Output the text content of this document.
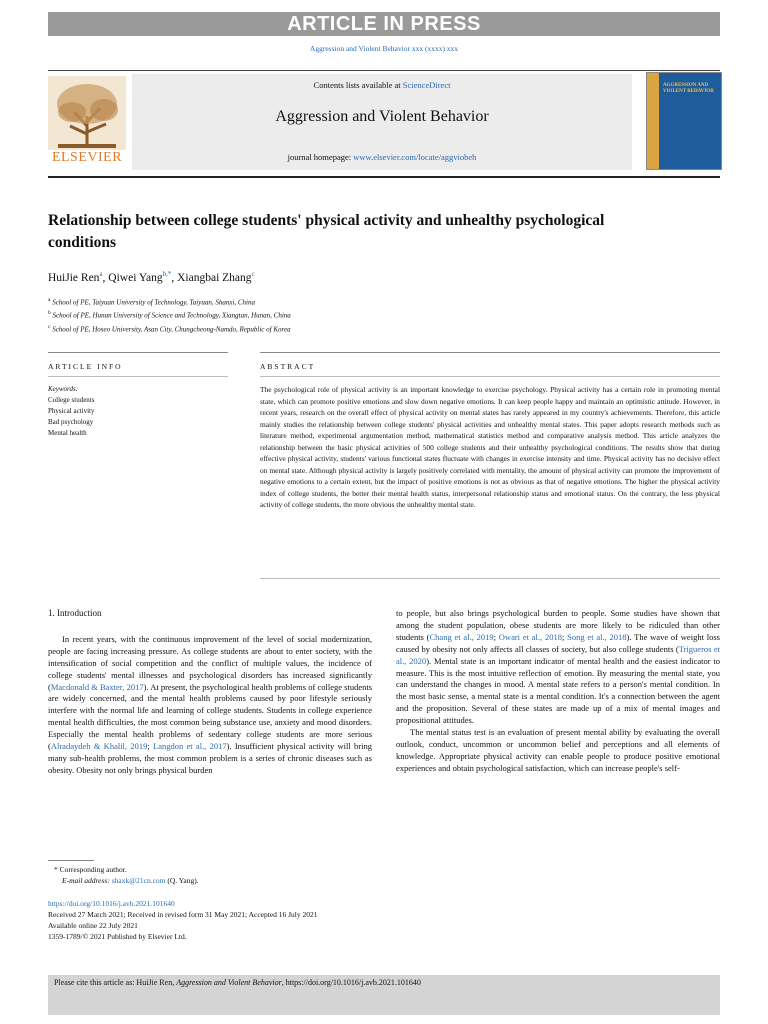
ARTICLE IN PRESS
Aggression and Violent Behavior xxx (xxxx) xxx
ELSEVIER
Contents lists available at ScienceDirect
Aggression and Violent Behavior
journal homepage: www.elsevier.com/locate/aggviobeh
AGGRESSION AND VIOLENT BEHAVIOR
Relationship between college students' physical activity and unhealthy psychological conditions
HuiJie Ren$^a$, Qiwei Yang$^{b,*}$, Xiangbai Zhang$^c$
$^a$ School of PE, Taiyuan University of Technology, Taiyuan, Shanxi, China
$^b$ School of PE, Hunan University of Science and Technology, Xiangtan, Hunan, China
$^c$ School of PE, Hoseo University, Asan City, Chungcheong-Namdo, Republic of Korea
ARTICLE INFO	ABSTRACT
Keywords:
College students
Physical activity
Bad psychology
Mental health
The psychological role of physical activity is an important knowledge to exercise psychology. Physical activity has a certain role in promoting mental state, which can promote positive emotions and slow down negative emotions. It can keep people happy and maintain an optimistic attitude. However, in recent years, research on the overall effect of physical activity on mental states has rarely appeared in my country's achievements. Therefore, this article mainly studies the relationship between college students' physical activities and unhealthy mental states. This paper adopts research methods such as literature method, experimental argumentation method, mathematical statistics method and comparative analysis method. This article analyzes the relationship between the basic physical activities of 500 college students and their unhealthy psychological conditions. The results show that during effective physical activity, students' various functional states fluctuate with changes in exercise intensity and time. Physical activity has no decisive effect on mental state. Although physical activity is largely positively correlated with mentality, the amount of physical activity can promote the improvement of negative emotions to a certain extent, but the impact of positive emotions is not as obvious as that of negative emotions. The higher the physical activity index of college students, the better their mental health status, interpersonal relationship status and emotional status. On the contrary, the less physical activity of college students, the more obvious the unhealthy mental state.
1. Introduction

In recent years, with the continuous improvement of the level of social modernization, people are facing increasing pressure. As college students are about to enter society, with the intensification of social competition and the conflict of multiple values, the incidence of college students' mental illnesses and psychological disorders has increased significantly (Macdonald & Baxter, 2017). At present, the psychological health problems of college students are widely concerned, and the mental health problems caused by poor lifestyle seriously interfere with the normal life and learning of college students. Students in college experience mental health difficulties, the most common being substance use, anxiety and mood disorders. Especially the mental health problems of sedentary college students are more serious (Alradaydeh & Khalil, 2019; Langdon et al., 2017). Insufficient physical activity will bring many sub-health problems, the most common problem is a series of chronic diseases such as obesity. Obesity not only brings physical burden

to people, but also brings psychological burden to people. Some studies have shown that among the student population, obese students are more likely to be ridiculed than other students (Chang et al., 2019; Owari et al., 2018; Song et al., 2018). The wave of weight loss caused by obesity not only affects all classes of society, but also college students (Trigueros et al., 2020). Mental state is an important indicator of mental health and the easiest indicator to measure. This is the most intuitive reflection of emotion. By measuring the mental state, you can understand the changes in mood. A mental state refers to a person's mental condition. In the most basic sense, a mental state is a mental condition. It's a connection between the agent and the proposition. Several of these states are made up of a mix of mental images and propositional attitudes.

The mental status test is an evaluation of present mental ability by evaluating the overall outlook, conduct, uncommon or uncommon belief and perceptions and all elements of knowledge. Appropriate physical activity can enable people to produce positive emotional experiences and obtain psychological satisfaction, which can increase people's self-

* Corresponding author.
E-mail address: shaxk@21cn.com (Q. Yang).
https://doi.org/10.1016/j.avb.2021.101640
Received 27 March 2021; Received in revised form 31 May 2021; Accepted 16 July 2021
Available online 22 July 2021
1359-1789/© 2021 Published by Elsevier Ltd.
Please cite this article as: HuiJie Ren, Aggression and Violent Behavior, https://doi.org/10.1016/j.avb.2021.101640
